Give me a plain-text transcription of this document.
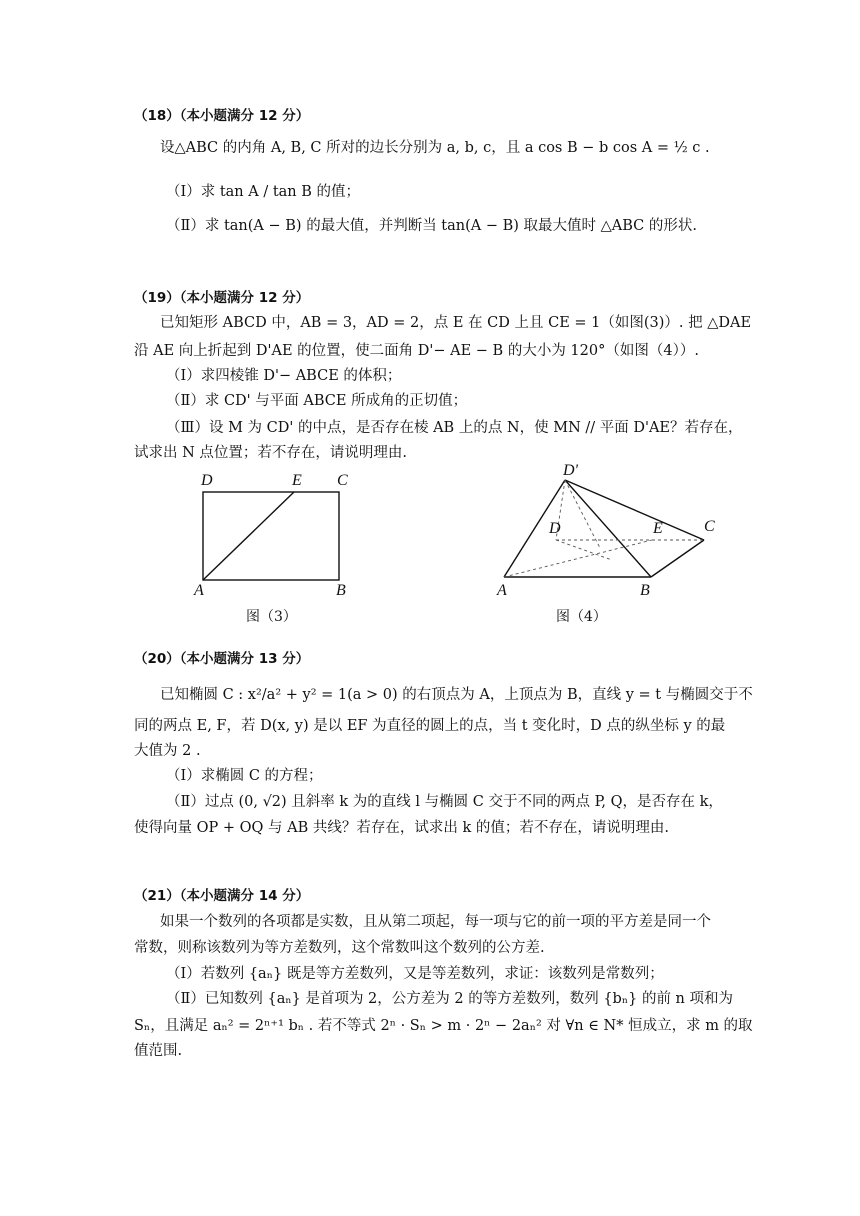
（18）（本小题满分 12 分）
设△ABC 的内角 A, B, C 所对的边长分别为 a, b, c，且 a cos B − b cos A = ½ c .
（Ⅰ）求 tan A / tan B 的值；
（Ⅱ）求 tan(A − B) 的最大值，并判断当 tan(A − B) 取最大值时 △ABC 的形状.
（19）（本小题满分 12 分）
已知矩形 ABCD 中，AB = 3，AD = 2，点 E 在 CD 上且 CE = 1（如图(3)）. 把 △DAE
沿 AE 向上折起到 D'AE 的位置，使二面角 D'− AE − B 的大小为 120°（如图（4））.
（Ⅰ）求四棱锥 D'− ABCE 的体积；
（Ⅱ）求 CD' 与平面 ABCE 所成角的正切值；
（Ⅲ）设 M 为 CD' 的中点，是否存在棱 AB 上的点 N，使 MN // 平面 D'AE？若存在，
试求出 N 点位置；若不存在，请说明理由.
D	E C
A	B
图（3）
D'
D	E	C
A	B
图（4）
（20）（本小题满分 13 分）
已知椭圆 C : x²/a² + y² = 1(a > 0) 的右顶点为 A，上顶点为 B，直线 y = t 与椭圆交于不
同的两点 E, F，若 D(x, y) 是以 EF 为直径的圆上的点，当 t 变化时，D 点的纵坐标 y 的最
大值为 2 .
（Ⅰ）求椭圆 C 的方程；
（Ⅱ）过点 (0, √2) 且斜率 k 为的直线 l 与椭圆 C 交于不同的两点 P, Q，是否存在 k，
使得向量 OP + OQ 与 AB 共线？若存在，试求出 k 的值；若不存在，请说明理由.
（21）（本小题满分 14 分）
如果一个数列的各项都是实数，且从第二项起，每一项与它的前一项的平方差是同一个
常数，则称该数列为等方差数列，这个常数叫这个数列的公方差.
（Ⅰ）若数列 {aₙ} 既是等方差数列，又是等差数列，求证：该数列是常数列；
（Ⅱ）已知数列 {aₙ} 是首项为 2，公方差为 2 的等方差数列，数列 {bₙ} 的前 n 项和为
Sₙ，且满足 aₙ² = 2ⁿ⁺¹ bₙ . 若不等式 2ⁿ · Sₙ > m · 2ⁿ − 2aₙ² 对 ∀n ∈ N* 恒成立，求 m 的取
值范围.
